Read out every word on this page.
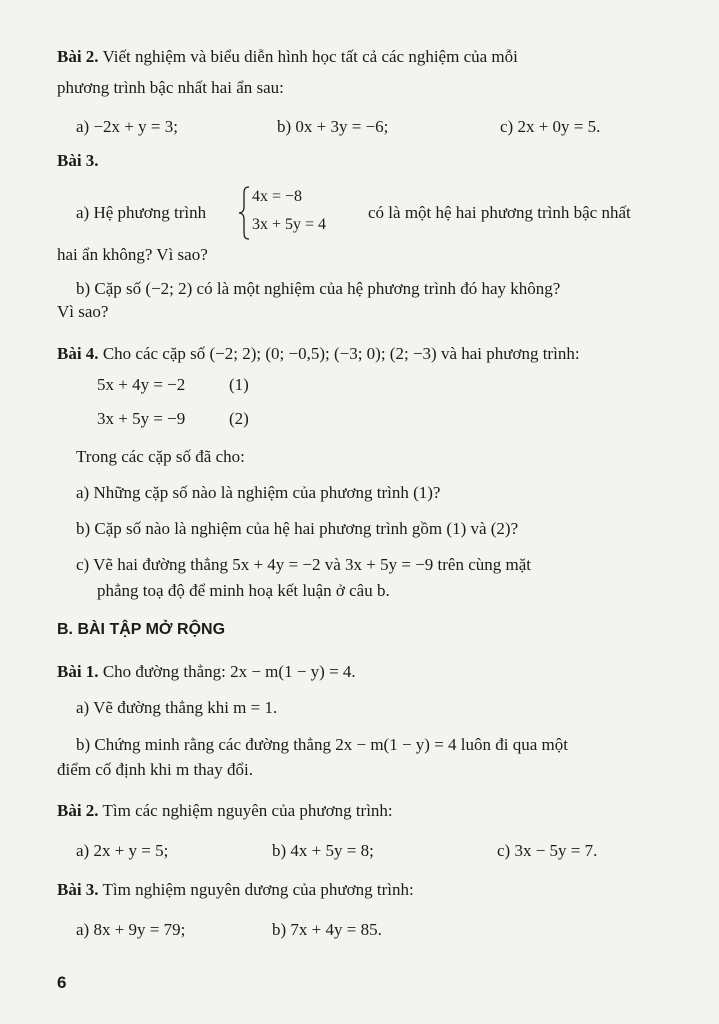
Bài 2. Viết nghiệm và biểu diễn hình học tất cả các nghiệm của mỗi
phương trình bậc nhất hai ẩn sau:
a) −2x + y = 3;	b) 0x + 3y = −6;	c) 2x + 0y = 5.
Bài 3.
a) Hệ phương trình
4x = −8
3x + 5y = 4
có là một hệ hai phương trình bậc nhất
hai ẩn không? Vì sao?
b) Cặp số (−2; 2) có là một nghiệm của hệ phương trình đó hay không?
Vì sao?
Bài 4. Cho các cặp số (−2; 2); (0; −0,5); (−3; 0); (2; −3) và hai phương trình:
5x + 4y = −2	(1)
3x + 5y = −9	(2)
Trong các cặp số đã cho:
a) Những cặp số nào là nghiệm của phương trình (1)?
b) Cặp số nào là nghiệm của hệ hai phương trình gồm (1) và (2)?
c) Vẽ hai đường thẳng 5x + 4y = −2 và 3x + 5y = −9 trên cùng mặt
phẳng toạ độ để minh hoạ kết luận ở câu b.
B. BÀI TẬP MỞ RỘNG
Bài 1. Cho đường thẳng: 2x − m(1 − y) = 4.
a) Vẽ đường thẳng khi m = 1.
b) Chứng minh rằng các đường thẳng 2x − m(1 − y) = 4 luôn đi qua một
điểm cố định khi m thay đổi.
Bài 2. Tìm các nghiệm nguyên của phương trình:
a) 2x + y = 5;	b) 4x + 5y = 8;	c) 3x − 5y = 7.
Bài 3. Tìm nghiệm nguyên dương của phương trình:
a) 8x + 9y = 79;	b) 7x + 4y = 85.
6
